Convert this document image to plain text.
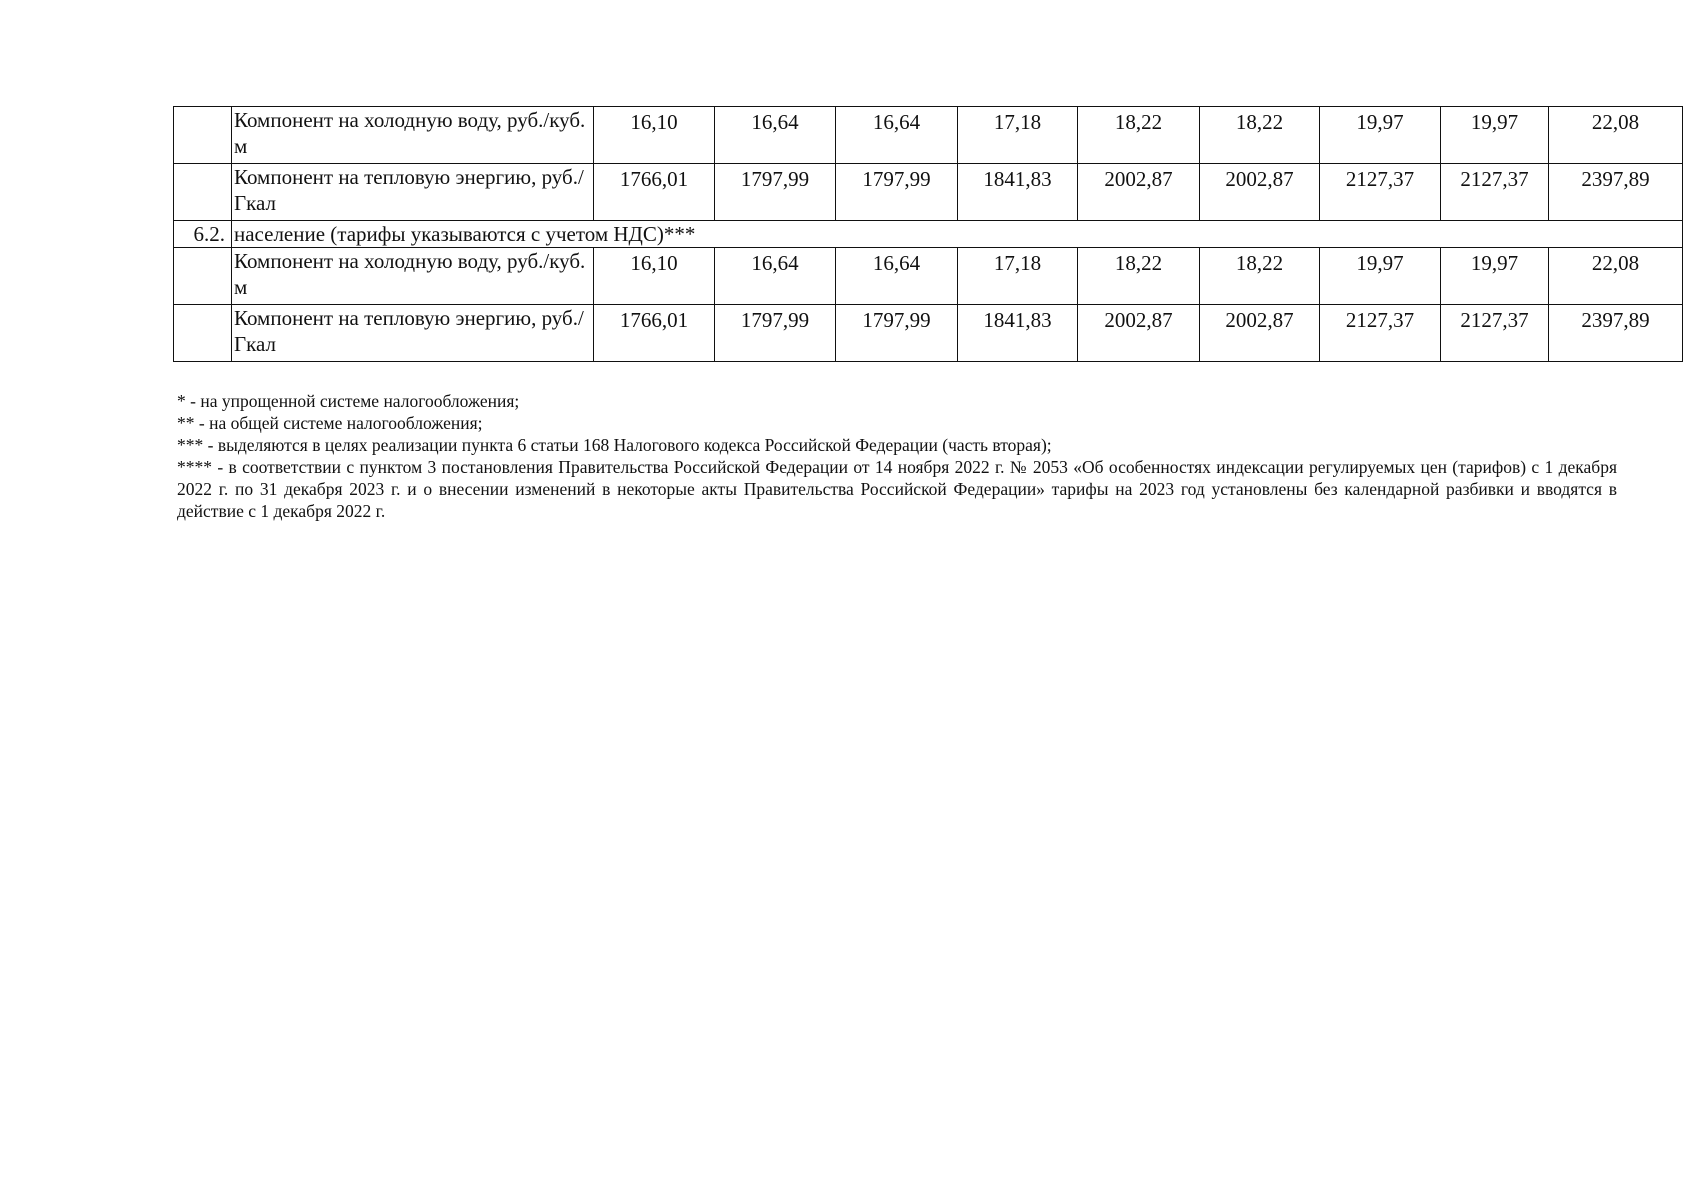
	Компонент на холодную воду, руб./куб. м	16,10	16,64	16,64	17,18	18,22	18,22	19,97	19,97	22,08
	Компонент на тепловую энергию, руб./Гкал	1766,01	1797,99	1797,99	1841,83	2002,87	2002,87	2127,37	2127,37	2397,89
6.2.	население (тарифы указываются с учетом НДС)***									
	Компонент на холодную воду, руб./куб. м	16,10	16,64	16,64	17,18	18,22	18,22	19,97	19,97	22,08
	Компонент на тепловую энергию, руб./Гкал	1766,01	1797,99	1797,99	1841,83	2002,87	2002,87	2127,37	2127,37	2397,89

* - на упрощенной системе налогообложения;

** - на общей системе налогообложения;

*** - выделяются в целях реализации пункта 6 статьи 168 Налогового кодекса Российской Федерации (часть вторая);

**** - в соответствии с пунктом 3 постановления Правительства Российской Федерации от 14 ноября 2022 г. № 2053 «Об особенностях индексации регулируемых цен (тарифов) с 1 декабря 2022 г. по 31 декабря 2023 г. и о внесении изменений в некоторые акты Правительства Российской Федерации» тарифы на 2023 год установлены без календарной разбивки и вводятся в действие с 1 декабря 2022 г.
